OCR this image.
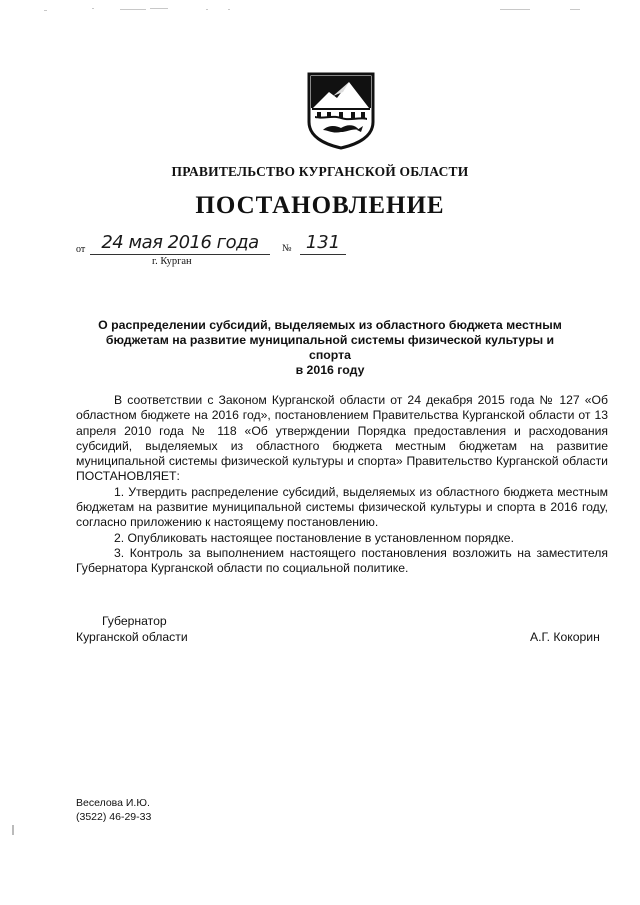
ПРАВИТЕЛЬСТВО КУРГАНСКОЙ ОБЛАСТИ
ПОСТАНОВЛЕНИЕ
от 24 мая 2016 года	№ 131
г. Курган
О распределении субсидий, выделяемых из областного бюджета местным
бюджетам на развитие муниципальной системы физической культуры и спорта
в 2016 году

В соответствии с Законом Курганской области от 24 декабря 2015 года № 127 «Об областном бюджете на 2016 год», постановлением Правительства Курганской области от 13 апреля 2010 года № 118 «Об утверждении Порядка предоставления и расходования субсидий, выделяемых из областного бюджета местным бюджетам на развитие муниципальной системы физической культуры и спорта» Правительство Курганской области ПОСТАНОВЛЯЕТ:

1. Утвердить распределение субсидий, выделяемых из областного бюджета местным бюджетам на развитие муниципальной системы физической культуры и спорта в 2016 году, согласно приложению к настоящему постановлению.

2. Опубликовать настоящее постановление в установленном порядке.

3. Контроль за выполнением настоящего постановления возложить на заместителя Губернатора Курганской области по социальной политике.

Губернатор
Курганской области	А.Г. Кокорин
Веселова И.Ю.
(3522) 46-29-33
